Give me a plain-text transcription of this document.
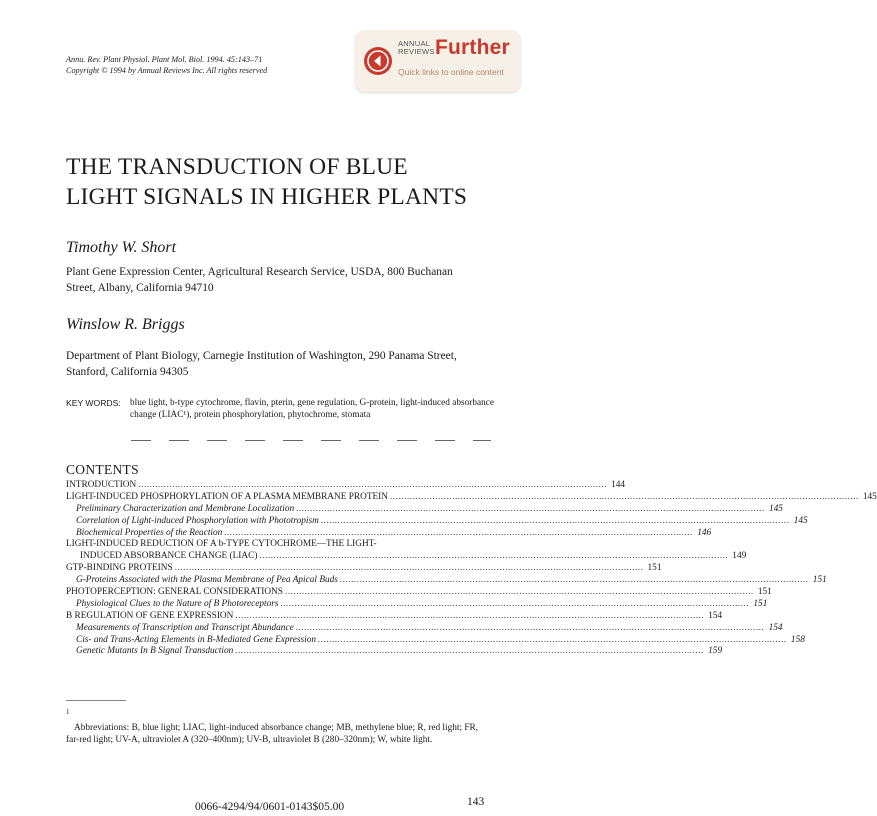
Annu. Rev. Plant Physiol. Plant Mol. Biol. 1994. 45:143–71
Copyright © 1994 by Annual Reviews Inc. All rights reserved
ANNUAL
REVIEWS Further
Quick links to online content
THE TRANSDUCTION OF BLUE
LIGHT SIGNALS IN HIGHER PLANTS
Timothy W. Short
Plant Gene Expression Center, Agricultural Research Service, USDA, 800 Buchanan
Street, Albany, California 94710
Winslow R. Briggs
Department of Plant Biology, Carnegie Institution of Washington, 290 Panama Street,
Stanford, California 94305
KEY WORDS: blue light, b-type cytochrome, flavin, pterin, gene regulation, G-protein, light-induced absorbance change (LIAC¹), protein phosphorylation, phytochrome, stomata
CONTENTS
INTRODUCTION .....	144
LIGHT-INDUCED PHOSPHORYLATION OF A PLASMA MEMBRANE PROTEIN .....	145
Preliminary Characterization and Membrane Localization .....	145
Correlation of Light-induced Phosphorylation with Phototropism .....	145
Biochemical Properties of the Reaction .....	146
LIGHT-INDUCED REDUCTION OF A b-TYPE CYTOCHROME—THE LIGHT-
INDUCED ABSORBANCE CHANGE (LIAC) .....	149
GTP-BINDING PROTEINS .....	151
G-Proteins Associated with the Plasma Membrane of Pea Apical Buds .....	151
PHOTOPERCEPTION: GENERAL CONSIDERATIONS .....	151
Physiological Clues to the Nature of B Photoreceptors .....	151
B REGULATION OF GENE EXPRESSION .....	154
Measurements of Transcription and Transcript Abundance .....	154
Cis- and Trans-Acting Elements in B-Mediated Gene Expression .....	158
Genetic Mutants In B Signal Transduction .....	159
1
Abbreviations: B, blue light; LIAC, light-induced absorbance change; MB, methylene blue; R, red light; FR, far-red light; UV-A, ultraviolet A (320–400nm); UV-B, ultraviolet B (280–320nm); W, white light.
0066-4294/94/0601-0143$05.00	143
